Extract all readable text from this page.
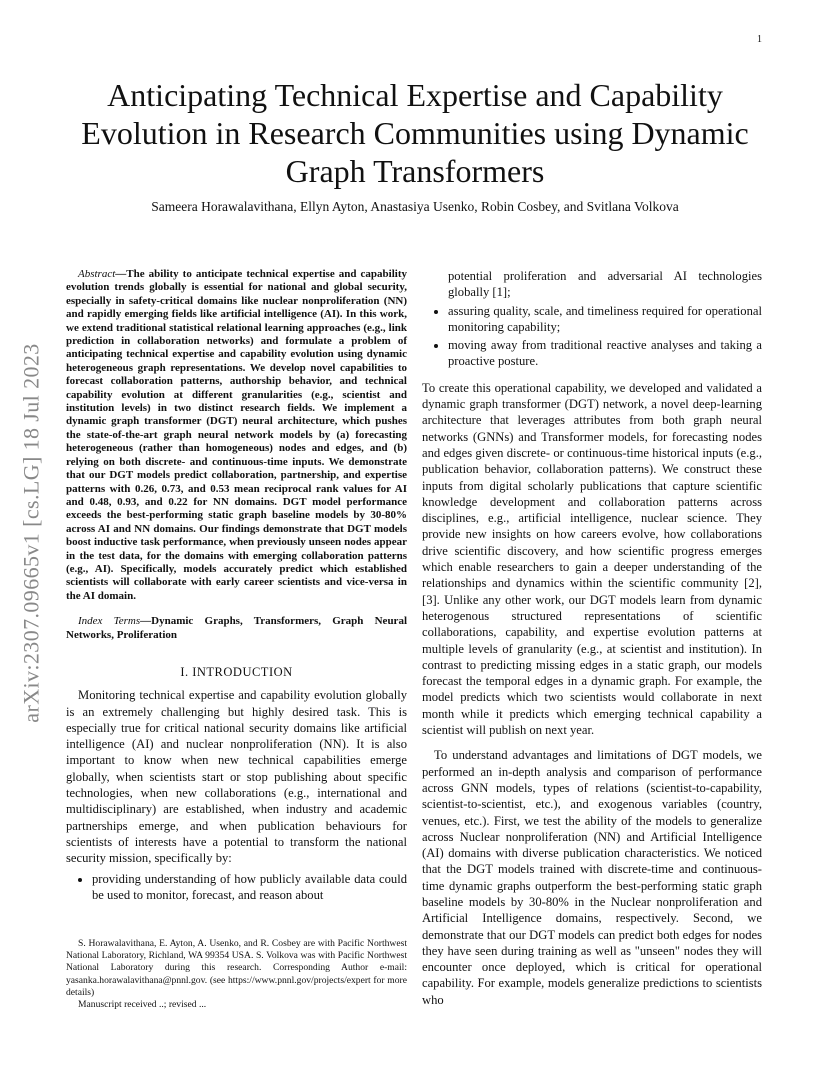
1
arXiv:2307.09665v1 [cs.LG] 18 Jul 2023
Anticipating Technical Expertise and Capability Evolution in Research Communities using Dynamic Graph Transformers
Sameera Horawalavithana, Ellyn Ayton, Anastasiya Usenko, Robin Cosbey, and Svitlana Volkova

Abstract—The ability to anticipate technical expertise and capability evolution trends globally is essential for national and global security, especially in safety-critical domains like nuclear nonproliferation (NN) and rapidly emerging fields like artificial intelligence (AI). In this work, we extend traditional statistical relational learning approaches (e.g., link prediction in collaboration networks) and formulate a problem of anticipating technical expertise and capability evolution using dynamic heterogeneous graph representations. We develop novel capabilities to forecast collaboration patterns, authorship behavior, and technical capability evolution at different granularities (e.g., scientist and institution levels) in two distinct research fields. We implement a dynamic graph transformer (DGT) neural architecture, which pushes the state-of-the-art graph neural network models by (a) forecasting heterogeneous (rather than homogeneous) nodes and edges, and (b) relying on both discrete- and continuous-time inputs. We demonstrate that our DGT models predict collaboration, partnership, and expertise patterns with 0.26, 0.73, and 0.53 mean reciprocal rank values for AI and 0.48, 0.93, and 0.22 for NN domains. DGT model performance exceeds the best-performing static graph baseline models by 30-80% across AI and NN domains. Our findings demonstrate that DGT models boost inductive task performance, when previously unseen nodes appear in the test data, for the domains with emerging collaboration patterns (e.g., AI). Specifically, models accurately predict which established scientists will collaborate with early career scientists and vice-versa in the AI domain.

Index Terms—Dynamic Graphs, Transformers, Graph Neural Networks, Proliferation

I. INTRODUCTION

Monitoring technical expertise and capability evolution globally is an extremely challenging but highly desired task. This is especially true for critical national security domains like artificial intelligence (AI) and nuclear nonproliferation (NN). It is also important to know when new technical capabilities emerge globally, when scientists start or stop publishing about specific technologies, when new collaborations (e.g., international and multidisciplinary) are established, when industry and academic partnerships emerge, and when publication behaviours for scientists of interests have a potential to transform the national security mission, specifically by:

• providing understanding of how publicly available data could be used to monitor, forecast, and reason about

S. Horawalavithana, E. Ayton, A. Usenko, and R. Cosbey are with Pacific Northwest National Laboratory, Richland, WA 99354 USA. S. Volkova was with Pacific Northwest National Laboratory during this research. Corresponding Author e-mail: yasanka.horawalavithana@pnnl.gov. (see https://www.pnnl.gov/projects/expert for more details)

Manuscript received ..; revised ...

potential proliferation and adversarial AI technologies globally [1];
• assuring quality, scale, and timeliness required for operational monitoring capability;
• moving away from traditional reactive analyses and taking a proactive posture.

To create this operational capability, we developed and validated a dynamic graph transformer (DGT) network, a novel deep-learning architecture that leverages attributes from both graph neural networks (GNNs) and Transformer models, for forecasting nodes and edges given discrete- or continuous-time historical inputs (e.g., publication behavior, collaboration patterns). We construct these inputs from digital scholarly publications that capture scientific knowledge development and collaboration patterns across disciplines, e.g., artificial intelligence, nuclear science. They provide new insights on how careers evolve, how collaborations drive scientific discovery, and how scientific progress emerges which enable researchers to gain a deeper understanding of the relationships and dynamics within the scientific community [2], [3]. Unlike any other work, our DGT models learn from dynamic heterogenous structured representations of scientific collaborations, capability, and expertise evolution patterns at multiple levels of granularity (e.g., at scientist and institution). In contrast to predicting missing edges in a static graph, our models forecast the temporal edges in a dynamic graph. For example, the model predicts which two scientists would collaborate in next month while it predicts which emerging technical capability a scientist will publish on next year.

To understand advantages and limitations of DGT models, we performed an in-depth analysis and comparison of performance across GNN models, types of relations (scientist-to-capability, scientist-to-scientist, etc.), and exogenous variables (country, venues, etc.). First, we test the ability of the models to generalize across Nuclear nonproliferation (NN) and Artificial Intelligence (AI) domains with diverse publication characteristics. We noticed that the DGT models trained with discrete-time and continuous-time dynamic graphs outperform the best-performing static graph baseline models by 30-80% in the Nuclear nonproliferation and Artificial Intelligence domains, respectively. Second, we demonstrate that our DGT models can predict both edges for nodes they have seen during training as well as "unseen" nodes they will encounter once deployed, which is critical for operational capability. For example, models generalize predictions to scientists who
